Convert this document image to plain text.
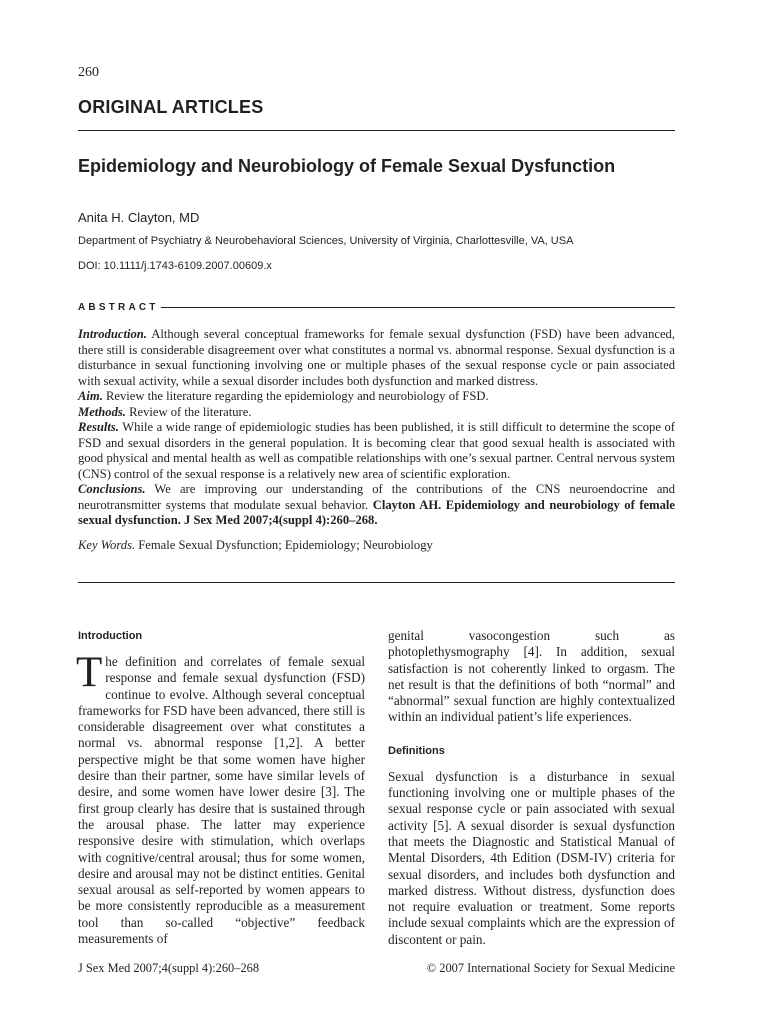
260
ORIGINAL ARTICLES
Epidemiology and Neurobiology of Female Sexual Dysfunction
Anita H. Clayton, MD
Department of Psychiatry & Neurobehavioral Sciences, University of Virginia, Charlottesville, VA, USA
DOI: 10.1111/j.1743-6109.2007.00609.x
ABSTRACT

Introduction. Although several conceptual frameworks for female sexual dysfunction (FSD) have been advanced, there still is considerable disagreement over what constitutes a normal vs. abnormal response. Sexual dysfunction is a disturbance in sexual functioning involving one or multiple phases of the sexual response cycle or pain associated with sexual activity, while a sexual disorder includes both dysfunction and marked distress.

Aim. Review the literature regarding the epidemiology and neurobiology of FSD.

Methods. Review of the literature.

Results. While a wide range of epidemiologic studies has been published, it is still difficult to determine the scope of FSD and sexual disorders in the general population. It is becoming clear that good sexual health is associated with good physical and mental health as well as compatible relationships with one’s sexual partner. Central nervous system (CNS) control of the sexual response is a relatively new area of scientific exploration.

Conclusions. We are improving our understanding of the contributions of the CNS neuroendocrine and neurotransmitter systems that modulate sexual behavior. Clayton AH. Epidemiology and neurobiology of female sexual dysfunction. J Sex Med 2007;4(suppl 4):260–268.

Key Words. Female Sexual Dysfunction; Epidemiology; Neurobiology

Introduction

The definition and correlates of female sexual response and female sexual dysfunction (FSD) continue to evolve. Although several conceptual frameworks for FSD have been advanced, there still is considerable disagreement over what constitutes a normal vs. abnormal response [1,2]. A better perspective might be that some women have higher desire than their partner, some have similar levels of desire, and some women have lower desire [3]. The first group clearly has desire that is sustained through the arousal phase. The latter may experience responsive desire with stimulation, which overlaps with cognitive/central arousal; thus for some women, desire and arousal may not be distinct entities. Genital sexual arousal as self-reported by women appears to be more consistently reproducible as a measurement tool than so-called “objective” feedback measurements of

genital vasocongestion such as photoplethysmography [4]. In addition, sexual satisfaction is not coherently linked to orgasm. The net result is that the definitions of both “normal” and “abnormal” sexual function are highly contextualized within an individual patient’s life experiences.

Definitions

Sexual dysfunction is a disturbance in sexual functioning involving one or multiple phases of the sexual response cycle or pain associated with sexual activity [5]. A sexual disorder is sexual dysfunction that meets the Diagnostic and Statistical Manual of Mental Disorders, 4th Edition (DSM-IV) criteria for sexual disorders, and includes both dysfunction and marked distress. Without distress, dysfunction does not require evaluation or treatment. Some reports include sexual complaints which are the expression of discontent or pain.

J Sex Med 2007;4(suppl 4):260–268	© 2007 International Society for Sexual Medicine
